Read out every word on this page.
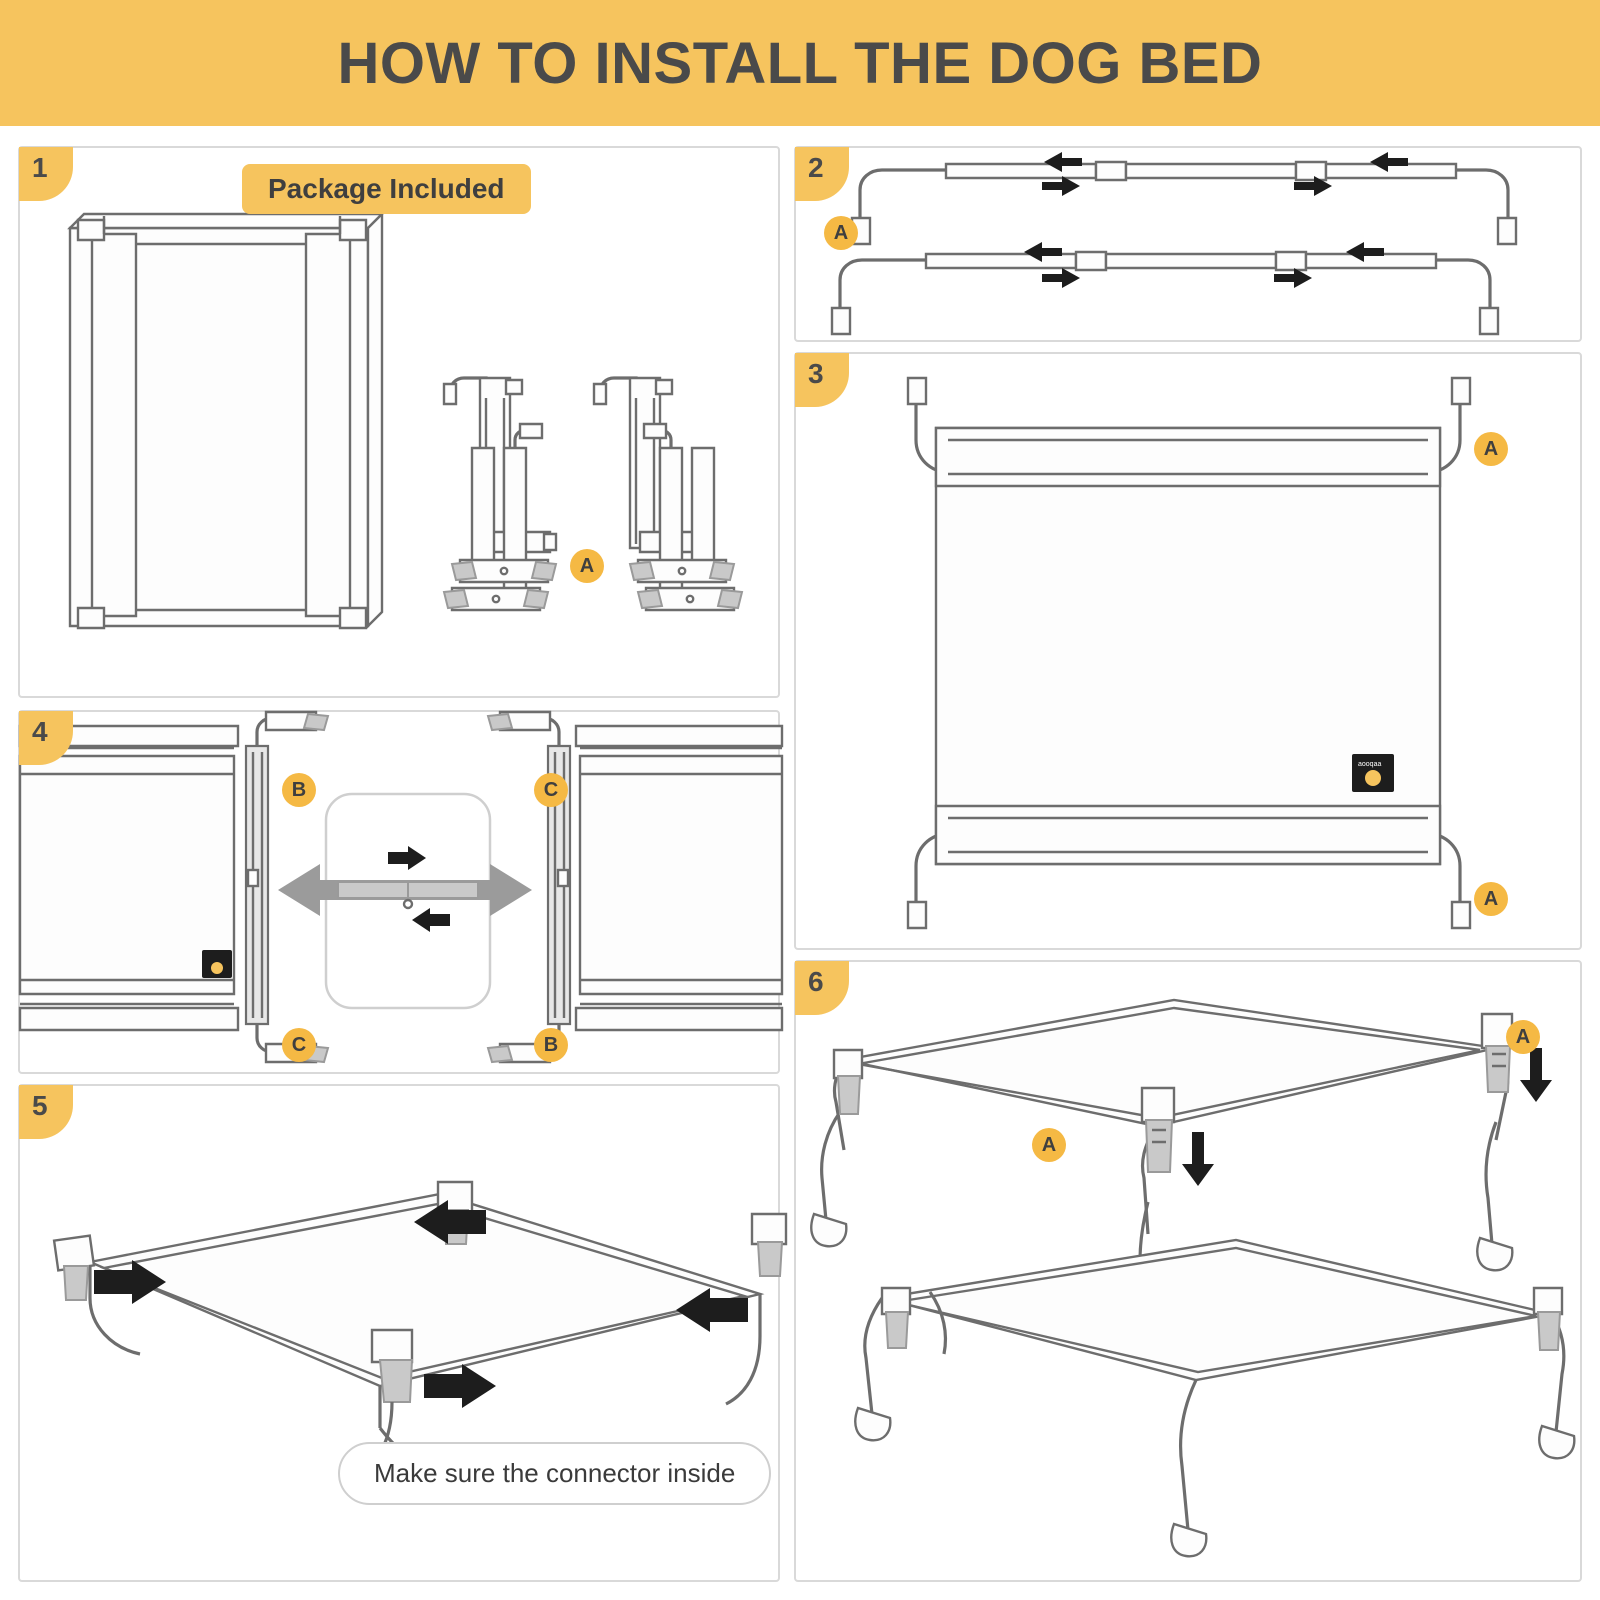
HOW TO INSTALL THE DOG BED
1
Package Included
A
2
A
3
aooqaa
A
A
4
B	C
C	B
5
Make sure the connector inside
6
A
A
